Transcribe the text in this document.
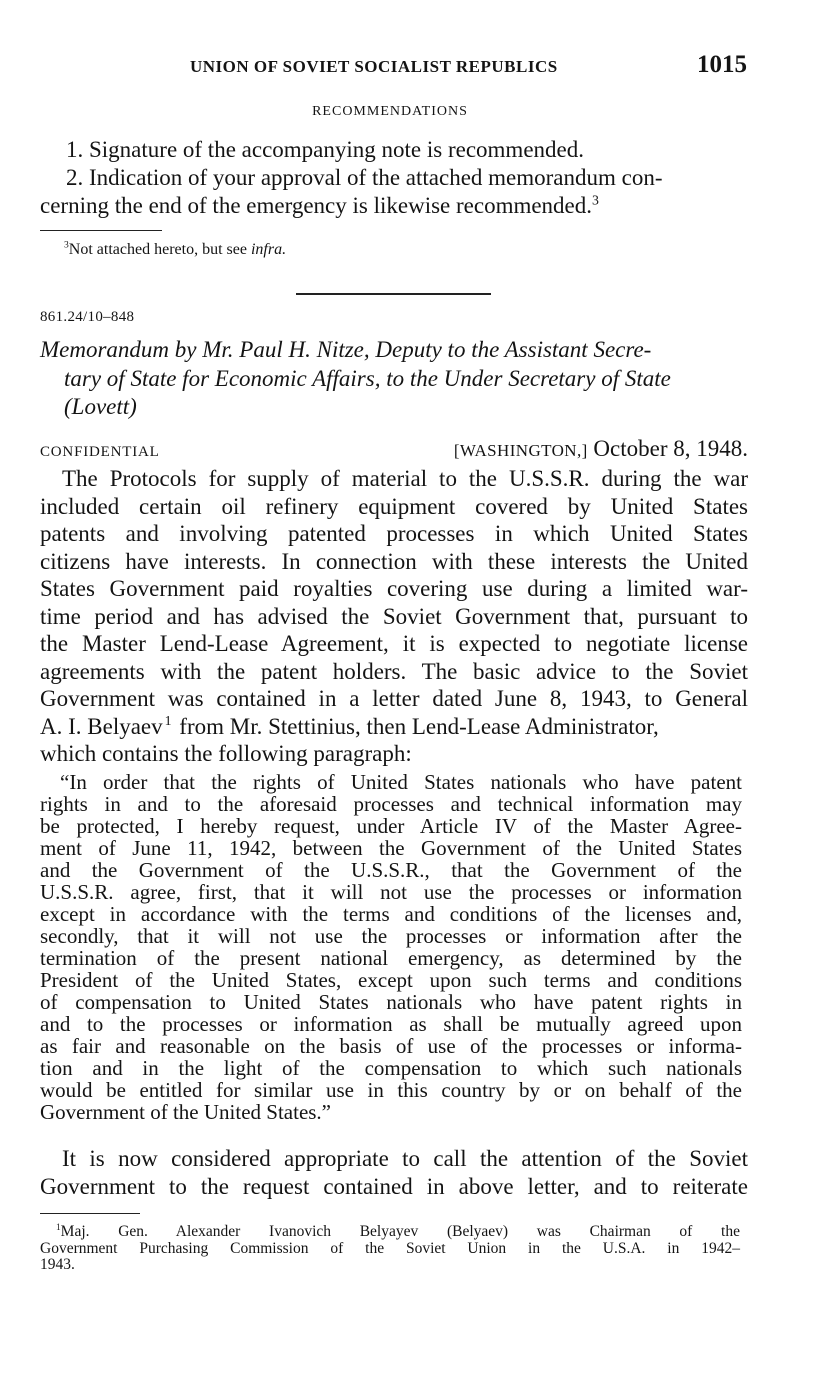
UNION OF SOVIET SOCIALIST REPUBLICS	1015
RECOMMENDATIONS
1. Signature of the accompanying note is recommended.
2. Indication of your approval of the attached memorandum con-
cerning the end of the emergency is likewise recommended.$^3$
$^3$Not attached hereto, but see infra.
861.24/10–848
Memorandum by Mr. Paul H. Nitze, Deputy to the Assistant Secre-
tary of State for Economic Affairs, to the Under Secretary of State
(Lovett)
CONFIDENTIAL	[WASHINGTON,] October 8, 1948.
The Protocols for supply of material to the U.S.S.R. during the war
included certain oil refinery equipment covered by United States
patents and involving patented processes in which United States
citizens have interests. In connection with these interests the United
States Government paid royalties covering use during a limited war-
time period and has advised the Soviet Government that, pursuant to
the Master Lend-Lease Agreement, it is expected to negotiate license
agreements with the patent holders. The basic advice to the Soviet
Government was contained in a letter dated June 8, 1943, to General
A. I. Belyaev $^1$ from Mr. Stettinius, then Lend-Lease Administrator,
which contains the following paragraph:
“In order that the rights of United States nationals who have patent
rights in and to the aforesaid processes and technical information may
be protected, I hereby request, under Article IV of the Master Agree-
ment of June 11, 1942, between the Government of the United States
and the Government of the U.S.S.R., that the Government of the
U.S.S.R. agree, first, that it will not use the processes or information
except in accordance with the terms and conditions of the licenses and,
secondly, that it will not use the processes or information after the
termination of the present national emergency, as determined by the
President of the United States, except upon such terms and conditions
of compensation to United States nationals who have patent rights in
and to the processes or information as shall be mutually agreed upon
as fair and reasonable on the basis of use of the processes or informa-
tion and in the light of the compensation to which such nationals
would be entitled for similar use in this country by or on behalf of the
Government of the United States.”
It is now considered appropriate to call the attention of the Soviet
Government to the request contained in above letter, and to reiterate
$^1$Maj. Gen. Alexander Ivanovich Belyayev (Belyaev) was Chairman of the
Government Purchasing Commission of the Soviet Union in the U.S.A. in 1942–
1943.
